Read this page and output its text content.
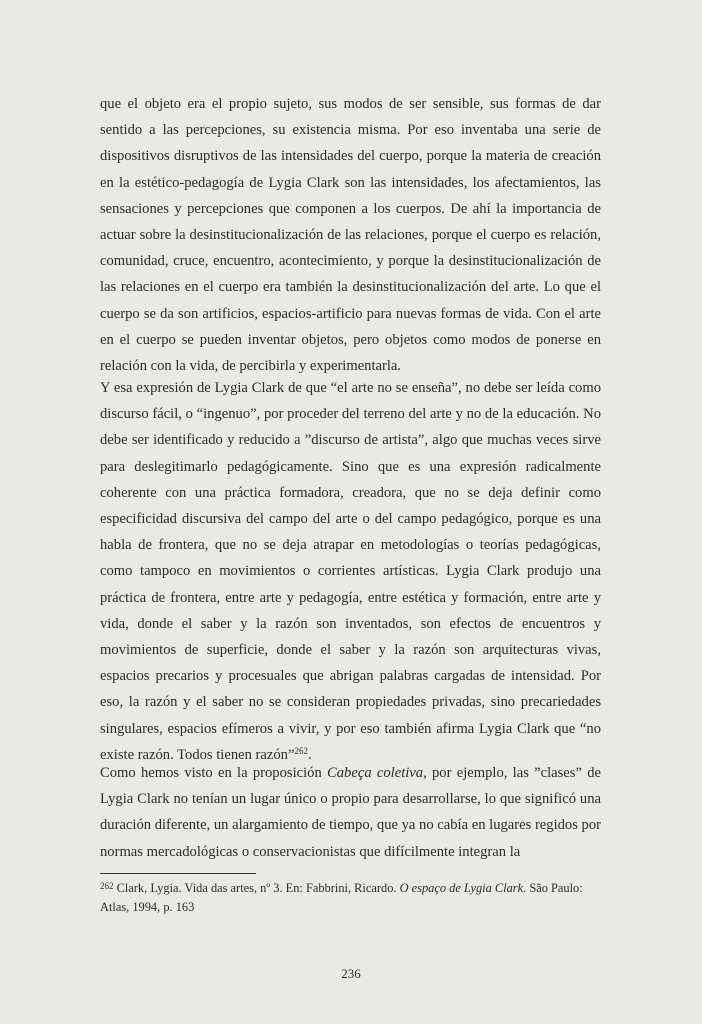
que el objeto era el propio sujeto, sus modos de ser sensible, sus formas de dar sentido a las percepciones, su existencia misma. Por eso inventaba una serie de dispositivos disruptivos de las intensidades del cuerpo, porque la materia de creación en la estético-pedagogía de Lygia Clark son las intensidades, los afectamientos, las sensaciones y percepciones que componen a los cuerpos. De ahí la importancia de actuar sobre la desinstitucionalización de las relaciones, porque el cuerpo es relación, comunidad, cruce, encuentro, acontecimiento, y porque la desinstitucionalización de las relaciones en el cuerpo era también la desinstitucionalización del arte. Lo que el cuerpo se da son artificios, espacios-artificio para nuevas formas de vida. Con el arte en el cuerpo se pueden inventar objetos, pero objetos como modos de ponerse en relación con la vida, de percibirla y experimentarla.

Y esa expresión de Lygia Clark de que “el arte no se enseña”, no debe ser leída como discurso fácil, o “ingenuo”, por proceder del terreno del arte y no de la educación. No debe ser identificado y reducido a ”discurso de artista”, algo que muchas veces sirve para deslegitimarlo pedagógicamente. Sino que es una expresión radicalmente coherente con una práctica formadora, creadora, que no se deja definir como especificidad discursiva del campo del arte o del campo pedagógico, porque es una habla de frontera, que no se deja atrapar en metodologías o teorías pedagógicas, como tampoco en movimientos o corrientes artísticas. Lygia Clark produjo una práctica de frontera, entre arte y pedagogía, entre estética y formación, entre arte y vida, donde el saber y la razón son inventados, son efectos de encuentros y movimientos de superficie, donde el saber y la razón son arquitecturas vivas, espacios precarios y procesuales que abrigan palabras cargadas de intensidad. Por eso, la razón y el saber no se consideran propiedades privadas, sino precariedades singulares, espacios efímeros a vivir, y por eso también afirma Lygia Clark que “no existe razón. Todos tienen razón”$^{262}$.

Como hemos visto en la proposición Cabeça coletiva, por ejemplo, las ”clases” de Lygia Clark no tenían un lugar único o propio para desarrollarse, lo que significó una duración diferente, un alargamiento de tiempo, que ya no cabía en lugares regidos por normas mercadológicas o conservacionistas que difícilmente integran la

$^{262}$ Clark, Lygia. Vida das artes, nº 3. En: Fabbrini, Ricardo. O espaço de Lygia Clark. São Paulo: Atlas, 1994, p. 163

236
